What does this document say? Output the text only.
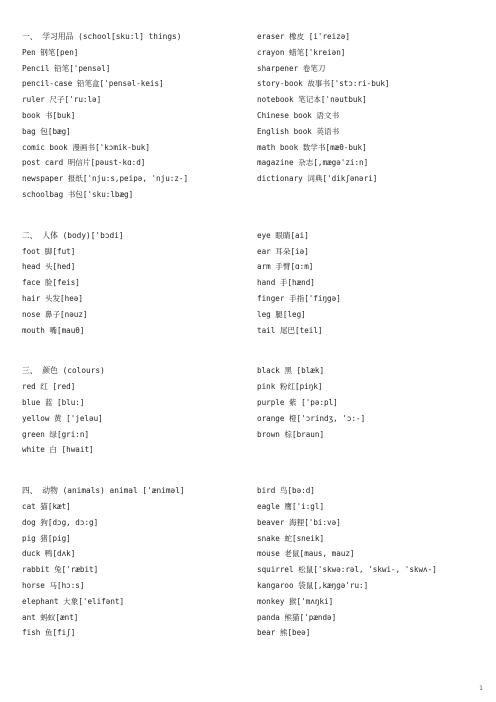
一、 学习用品 (school[sku:l] things)
Pen 钢笔[pen]
Pencil 铅笔['pensəl]
pencil-case 铅笔盒['pensəl-keis]
ruler 尺子['ru:lə]
book 书[buk]
bag 包[bæg]
comic book 漫画书['kɔmik-buk]
post card 明信片[pəust-kɑ:d]
newspaper 报纸['nju:s,peipə, 'nju:z-]
schoolbag 书包['sku:lbæg]
二、 人体 (body)['bɔdi]
foot 脚[fut]
head 头[hed]
face 脸[feis]
hair 头发[heə]
nose 鼻子[nəuz]
mouth 嘴[mauθ]
三、 颜色 (colours)
red 红 [red]
blue 蓝 [blu:]
yellow 黄 ['jeləu]
green 绿[gri:n]
white 白 [hwait]
四、 动物 (animals) animal ['ænimәl]
cat 猫[kæt]
dog 狗[dɔg, dɔ:g]
pig 猪[pig]
duck 鸭[dʌk]
rabbit 兔['ræbit]
horse 马[hɔ:s]
elephant 大象['elifənt]
ant 蚂蚁[ænt]
fish 鱼[fiʃ]
eraser 橡皮 [i'reizə]
crayon 蜡笔['kreiən]
sharpener 卷笔刀
story-book 故事书['stɔ:ri-buk]
notebook 笔记本['nəutbuk]
Chinese book 语文书
English book 英语书
math book 数学书[mæθ-buk]
magazine 杂志[,mægə'zi:n]
dictionary 词典['dikʃənəri]
eye 眼睛[ai]
ear 耳朵[iə]
arm 手臂[ɑ:m]
hand 手[hænd]
finger 手指['fiŋgə]
leg 腿[leg]
tail 尾巴[teil]
black 黑 [blæk]
pink 粉红[piŋk]
purple 紫 ['pə:pl]
orange 橙['ɔrindʒ, 'ɔ:-]
brown 棕[braun]
bird 鸟[bə:d]
eagle 鹰['i:gl]
beaver 海狸['bi:və]
snake 蛇[sneik]
mouse 老鼠[maus, mauz]
squirrel 松鼠['skwə:rəl, 'skwi-, 'skwʌ-]
kangaroo 袋鼠[,kæŋgə'ru:]
monkey 猴['mʌŋki]
panda 熊猫['pændə]
bear 熊[beə]
1
